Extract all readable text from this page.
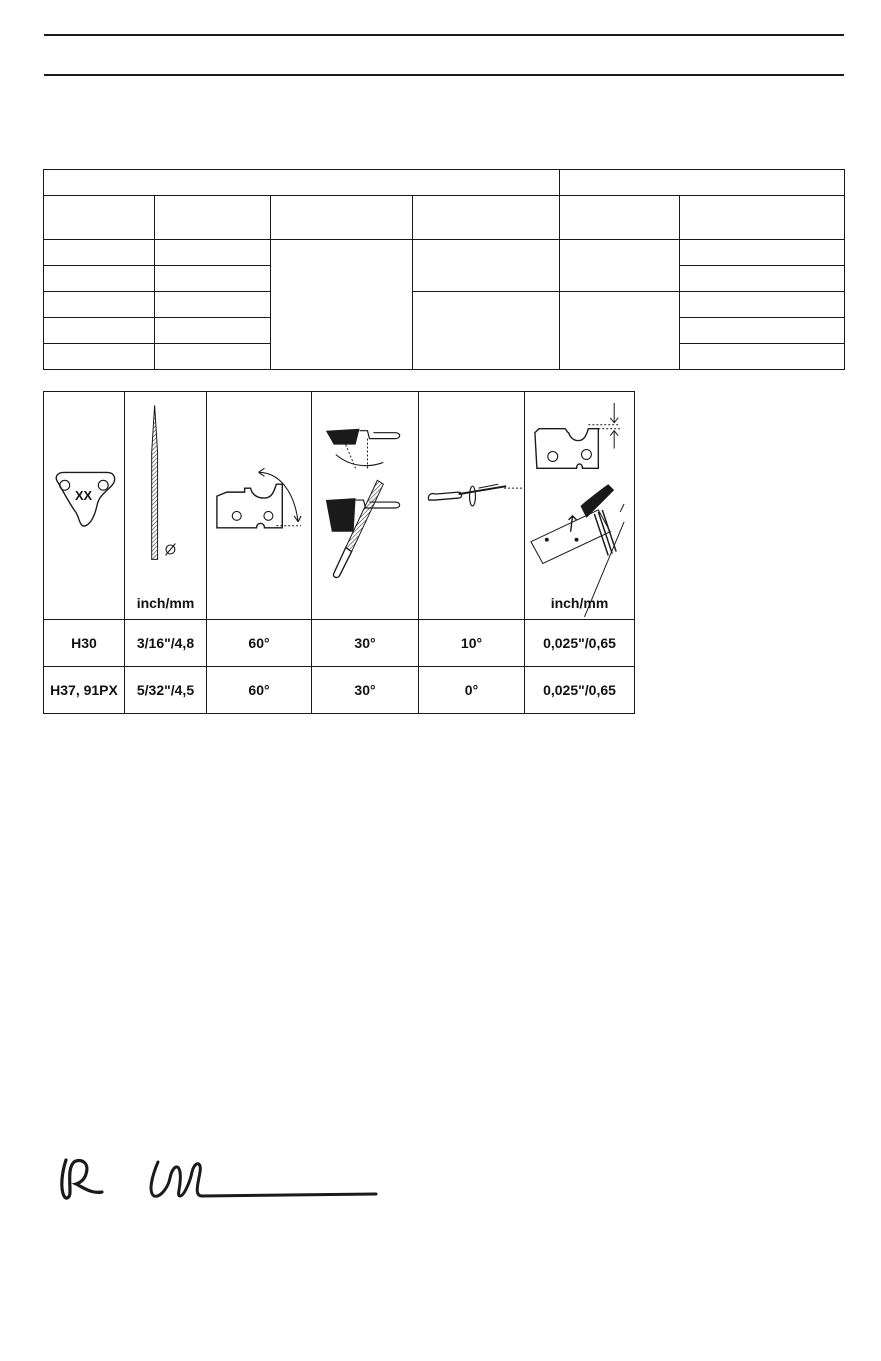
XX	inch/mm				inch/mm

H30	3/16"/4,8	60°	30°	10°	0,025"/0,65
H37, 91PX	5/32"/4,5	60°	30°	0°	0,025"/0,65
